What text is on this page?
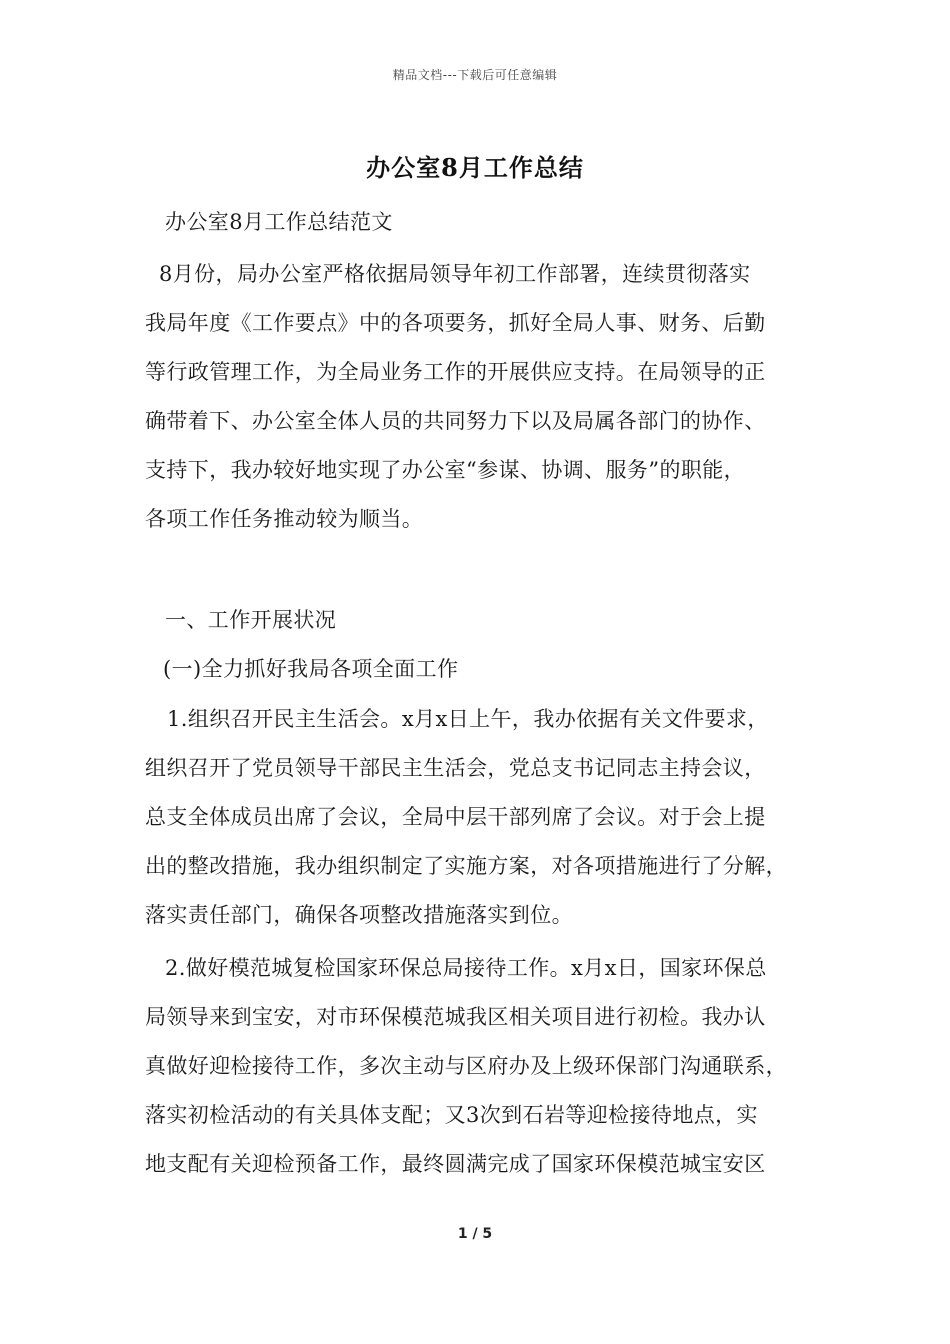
精品文档---下载后可任意编辑
办公室8月工作总结
办公室8月工作总结范文
8月份，局办公室严格依据局领导年初工作部署，连续贯彻落实
我局年度《工作要点》中的各项要务，抓好全局人事、财务、后勤
等行政管理工作，为全局业务工作的开展供应支持。在局领导的正
确带着下、办公室全体人员的共同努力下以及局属各部门的协作、
支持下，我办较好地实现了办公室“参谋、协调、服务”的职能，
各项工作任务推动较为顺当。
一、工作开展状况
(一)全力抓好我局各项全面工作
1.组织召开民主生活会。x月x日上午，我办依据有关文件要求，
组织召开了党员领导干部民主生活会，党总支书记同志主持会议，
总支全体成员出席了会议，全局中层干部列席了会议。对于会上提
出的整改措施，我办组织制定了实施方案，对各项措施进行了分解，
落实责任部门，确保各项整改措施落实到位。
2.做好模范城复检国家环保总局接待工作。x月x日，国家环保总
局领导来到宝安，对市环保模范城我区相关项目进行初检。我办认
真做好迎检接待工作，多次主动与区府办及上级环保部门沟通联系，
落实初检活动的有关具体支配；又3次到石岩等迎检接待地点，实
地支配有关迎检预备工作，最终圆满完成了国家环保模范城宝安区
1 / 5
